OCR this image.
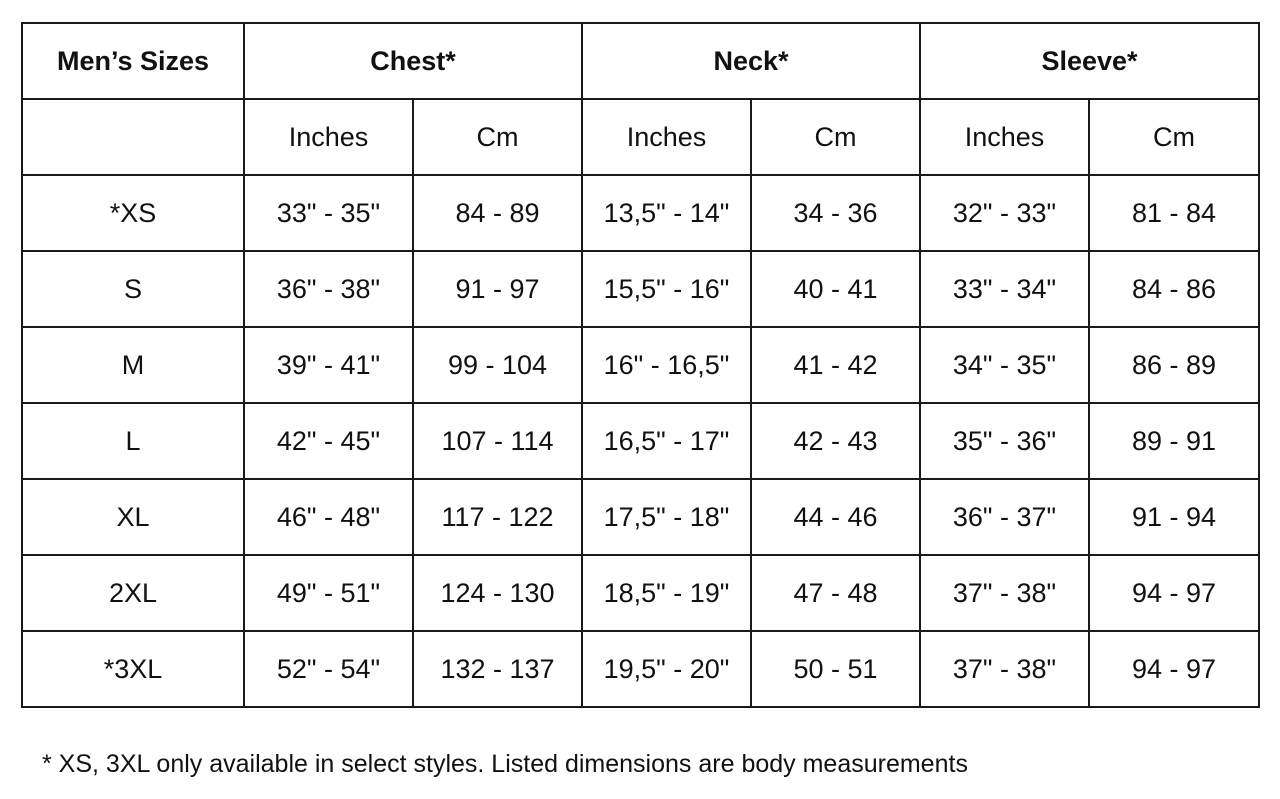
Men’s Sizes	Chest*		Neck*		Sleeve*	
	Inches	Cm	Inches	Cm	Inches	Cm
*XS	33" - 35"	84 - 89	13,5" - 14"	34 - 36	32" - 33"	81 - 84
S	36" - 38"	91 - 97	15,5" - 16"	40 - 41	33" - 34"	84 - 86
M	39" - 41"	99 - 104	16" - 16,5"	41 - 42	34" - 35"	86 - 89
L	42" - 45"	107 - 114	16,5" - 17"	42 - 43	35" - 36"	89 - 91
XL	46" - 48"	117 - 122	17,5" - 18"	44 - 46	36" - 37"	91 - 94
2XL	49" - 51"	124 - 130	18,5" - 19"	47 - 48	37" - 38"	94 - 97
*3XL	52" - 54"	132 - 137	19,5" - 20"	50 - 51	37" - 38"	94 - 97
* XS, 3XL only available in select styles. Listed dimensions are body measurements
